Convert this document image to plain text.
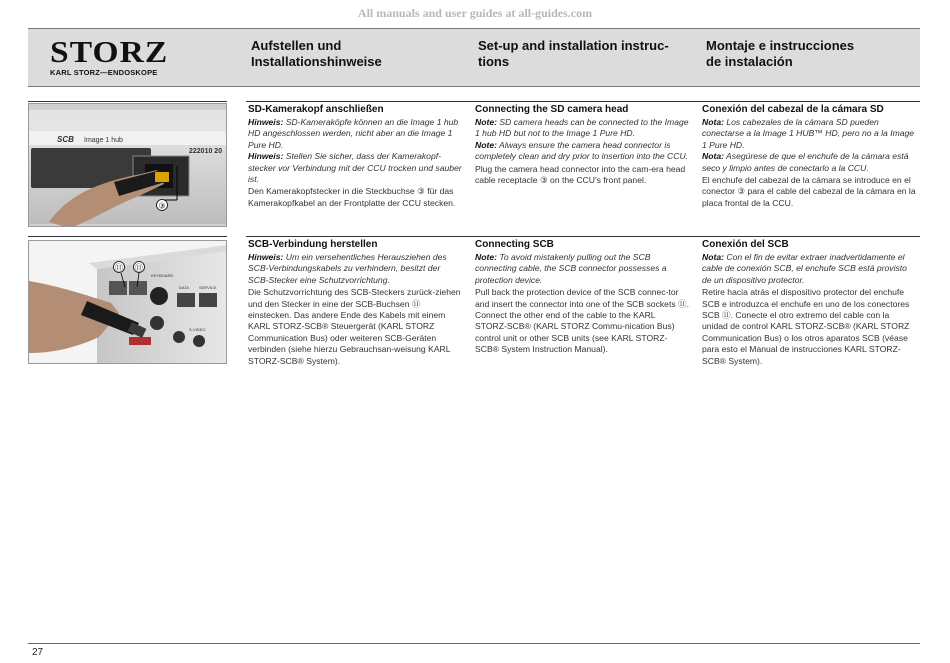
All manuals and user guides at all-guides.com
STORZ
KARL STORZ—ENDOSKOPE
Aufstellen und
Installationshinweise
Set-up and installation instruc-
tions
Montaje e instrucciones
de instalación
③
SCB Image 1 hub
222010 20
SD-Kamerakopf anschließen

Hinweis: SD-Kameraköpfe können an die Image 1 hub HD angeschlossen werden, nicht aber an die Image 1 Pure HD.

Hinweis: Stellen Sie sicher, dass der Kamerakopf-stecker vor Verbindung mit der CCU trocken und sauber ist.

Den Kamerakopfstecker in die Steckbuchse ③ für das Kamerakopfkabel an der Frontplatte der CCU stecken.

Connecting the SD camera head

Note: SD camera heads can be connected to the Image 1 hub HD but not to the Image 1 Pure HD.

Note: Always ensure the camera head connector is completely clean and dry prior to insertion into the CCU.

Plug the camera head connector into the cam-era head cable receptacle ③ on the CCU's front panel.

Conexión del cabezal de la cámara SD

Nota: Los cabezales de la cámara SD pueden conectarse a la Image 1 HUB™ HD, pero no a la Image 1 Pure HD.

Nota: Asegúrese de que el enchufe de la cámara está seco y limpio antes de conectarlo a la CCU.

El enchufe del cabezal de la cámara se introduce en el conector ③ para el cable del cabezal de la cámara en la placa frontal de la CCU.

⑪ ⑪
KEYBOARD
DATA SERVICE
S-VIDEO
SCB-Verbindung herstellen

Hinweis: Um ein versehentliches Herausziehen des SCB-Verbindungskabels zu verhindern, besitzt der SCB-Stecker eine Schutzvorrichtung.

Die Schutzvorrichtung des SCB-Steckers zurück-ziehen und den Stecker in eine der SCB-Buchsen ⑪ einstecken. Das andere Ende des Kabels mit einem KARL STORZ-SCB® Steuergerät (KARL STORZ Communication Bus) oder weiteren SCB-Geräten verbinden (siehe hierzu Gebrauchsan-weisung KARL STORZ-SCB® System).

Connecting SCB

Note: To avoid mistakenly pulling out the SCB connecting cable, the SCB connector possesses a protection device.

Pull back the protection device of the SCB connec-tor and insert the connector into one of the SCB sockets ⑪. Connect the other end of the cable to the KARL STORZ-SCB® (KARL STORZ Commu-nication Bus) control unit or other SCB units (see KARL STORZ-SCB® System Instruction Manual).

Conexión del SCB

Nota: Con el fin de evitar extraer inadvertidamente el cable de conexión SCB, el enchufe SCB está provisto de un dispositivo protector.

Retire hacia atrás el dispositivo protector del enchufe SCB e introduzca el enchufe en uno de los conectores SCB ⑪. Conecte el otro extremo del cable con la unidad de control KARL STORZ-SCB® (KARL STORZ Communication Bus) o los otros aparatos SCB (véase para esto el Manual de instrucciones KARL STORZ-SCB® System).

27
